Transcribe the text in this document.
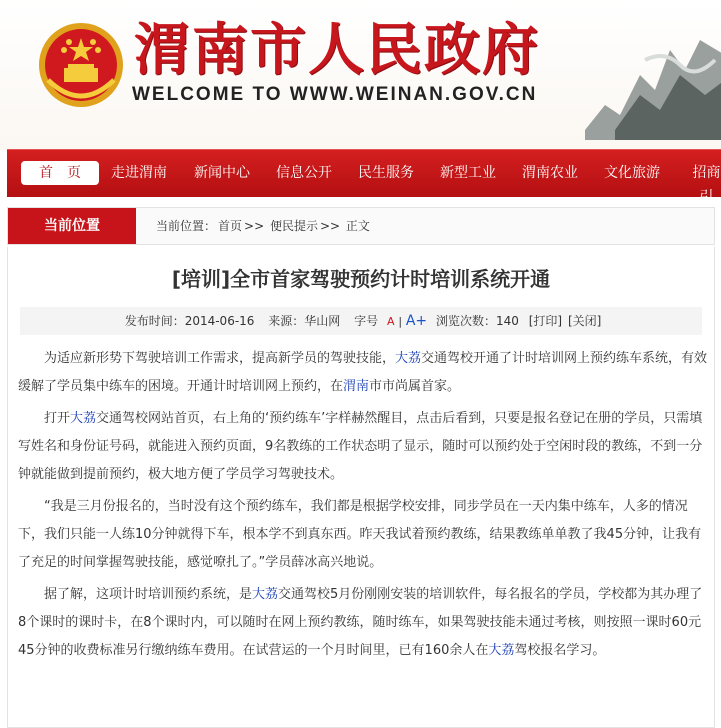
渭南市人民政府
WELCOME TO WWW.WEINAN.GOV.CN
首　页	走进渭南 新闻中心 信息公开 民生服务 新型工业 渭南农业 文化旅游	招商引
当前位置	当前位置： 首页 >> 便民提示 >> 正文
[培训]全市首家驾驶预约计时培训系统开通
发布时间：2014-06-16 来源：华山网 字号 A | A+ 浏览次数：140 [打印] [关闭]

为适应新形势下驾驶培训工作需求，提高新学员的驾驶技能，大荔交通驾校开通了计时培训网上预约练车系统，有效缓解了学员集中练车的困境。开通计时培训网上预约，在渭南市市尚属首家。

打开大荔交通驾校网站首页，右上角的‘预约练车’字样赫然醒目，点击后看到，只要是报名登记在册的学员，只需填写姓名和身份证号码，就能进入预约页面，9名教练的工作状态明了显示，随时可以预约处于空闲时段的教练，不到一分钟就能做到提前预约，极大地方便了学员学习驾驶技术。

“我是三月份报名的，当时没有这个预约练车，我们都是根据学校安排，同步学员在一天内集中练车，人多的情况下，我们只能一人练10分钟就得下车，根本学不到真东西。昨天我试着预约教练，结果教练单单教了我45分钟，让我有了充足的时间掌握驾驶技能，感觉嘹扎了。”学员薛冰高兴地说。

据了解，这项计时培训预约系统，是大荔交通驾校5月份刚刚安装的培训软件，每名报名的学员，学校都为其办理了8个课时的课时卡，在8个课时内，可以随时在网上预约教练，随时练车，如果驾驶技能未通过考核，则按照一课时60元45分钟的收费标准另行缴纳练车费用。在试营运的一个月时间里，已有160余人在大荔驾校报名学习。
